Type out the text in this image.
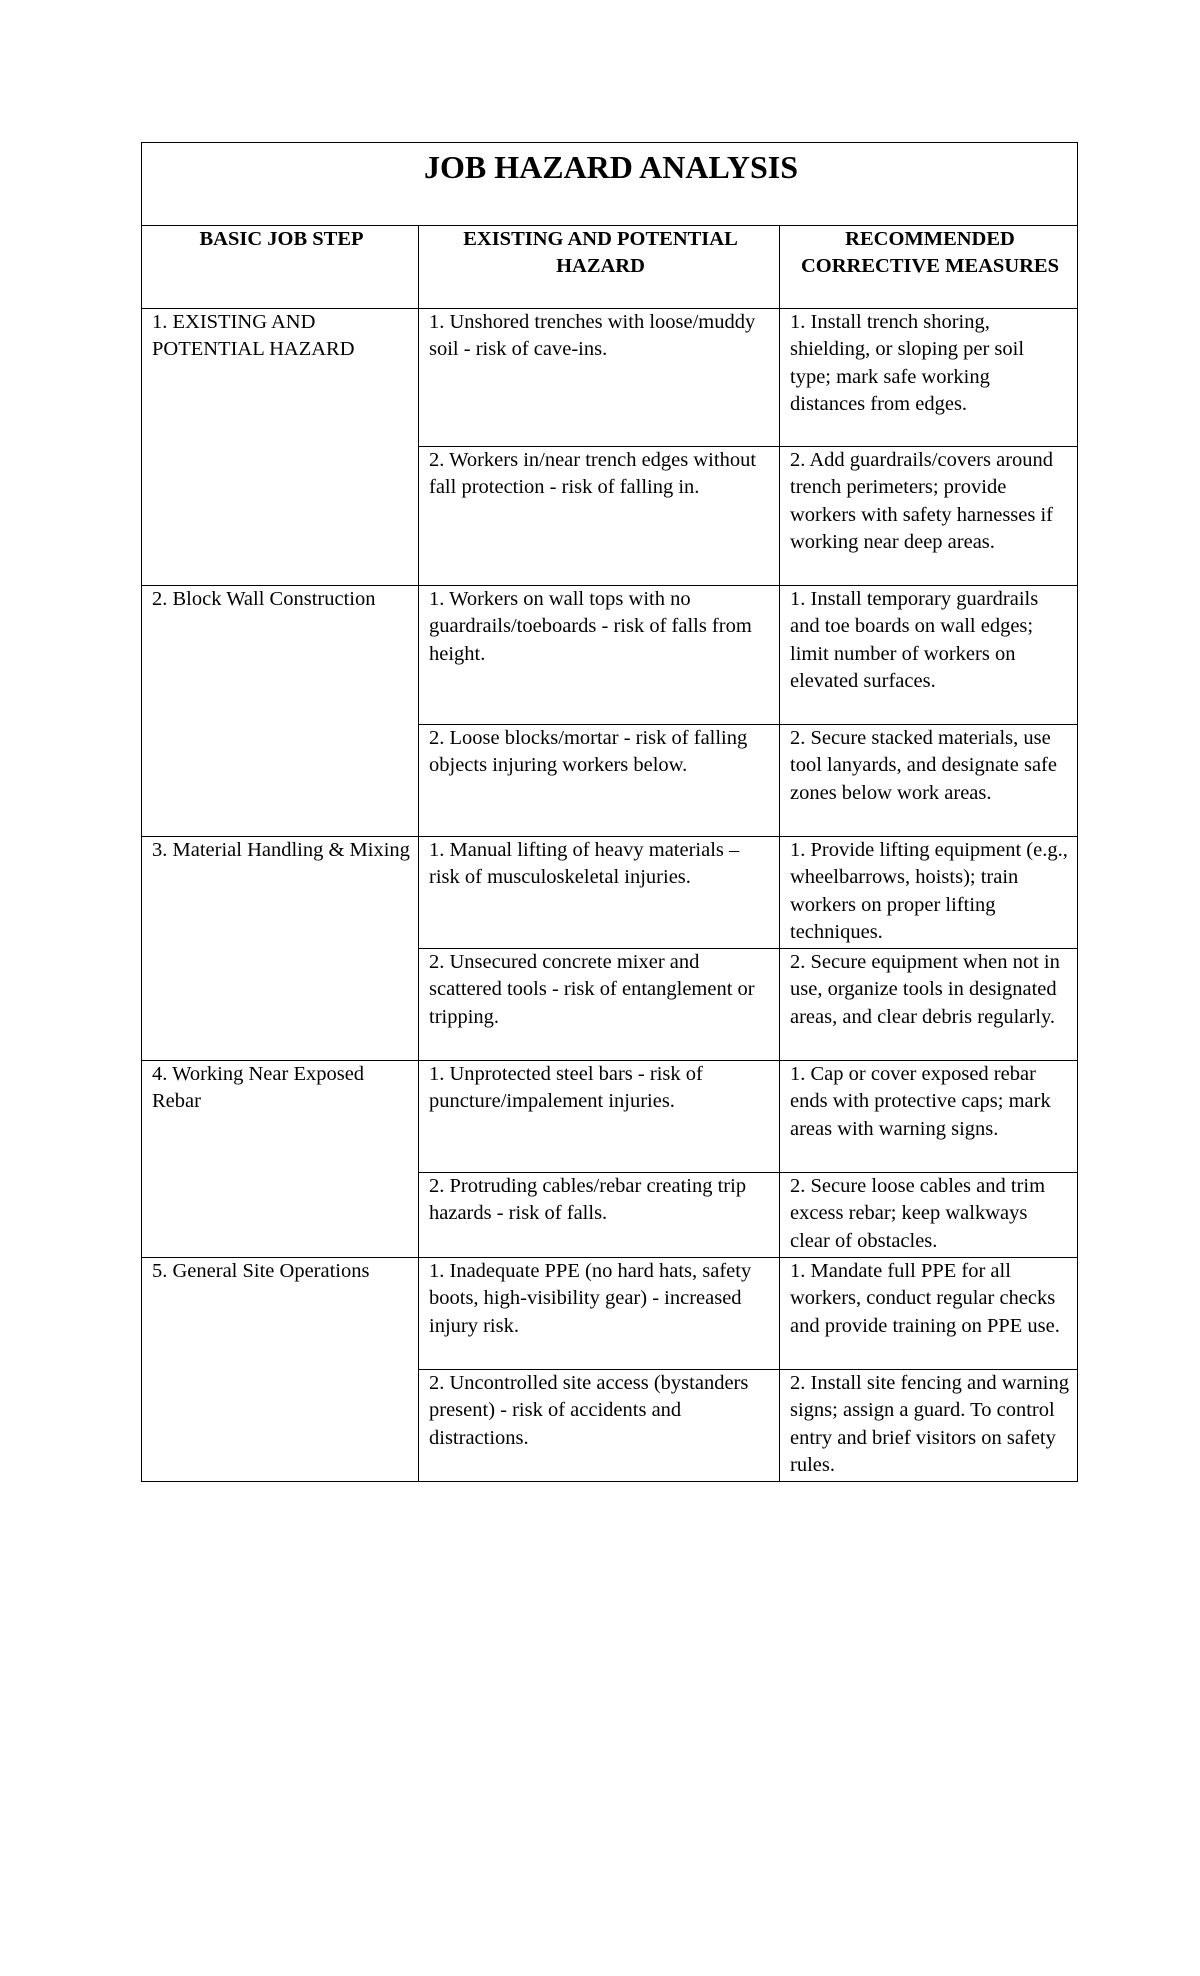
JOB HAZARD ANALYSIS		
BASIC JOB STEP	EXISTING AND POTENTIAL HAZARD	RECOMMENDED CORRECTIVE MEASURES
1. EXISTING AND POTENTIAL HAZARD	1. Unshored trenches with loose/muddy soil - risk of cave-ins.	1. Install trench shoring, shielding, or sloping per soil type; mark safe working distances from edges.
	2. Workers in/near trench edges without fall protection - risk of falling in.	2. Add guardrails/covers around trench perimeters; provide workers with safety harnesses if working near deep areas.
2. Block Wall Construction	1. Workers on wall tops with no guardrails/toeboards - risk of falls from height.	1. Install temporary guardrails and toe boards on wall edges; limit number of workers on elevated surfaces.
	2. Loose blocks/mortar - risk of falling objects injuring workers below.	2. Secure stacked materials, use tool lanyards, and designate safe zones below work areas.
3. Material Handling & Mixing	1. Manual lifting of heavy materials – risk of musculoskeletal injuries.	1. Provide lifting equipment (e.g., wheelbarrows, hoists); train workers on proper lifting techniques.
	2. Unsecured concrete mixer and scattered tools - risk of entanglement or tripping.	2. Secure equipment when not in use, organize tools in designated areas, and clear debris regularly.
4. Working Near Exposed Rebar	1. Unprotected steel bars - risk of puncture/impalement injuries.	1. Cap or cover exposed rebar ends with protective caps; mark areas with warning signs.
	2. Protruding cables/rebar creating trip hazards - risk of falls.	2. Secure loose cables and trim excess rebar; keep walkways clear of obstacles.
5. General Site Operations	1. Inadequate PPE (no hard hats, safety boots, high-visibility gear) - increased injury risk.	1. Mandate full PPE for all workers, conduct regular checks and provide training on PPE use.
	2. Uncontrolled site access (bystanders present) - risk of accidents and distractions.	2. Install site fencing and warning signs; assign a guard. To control entry and brief visitors on safety rules.
